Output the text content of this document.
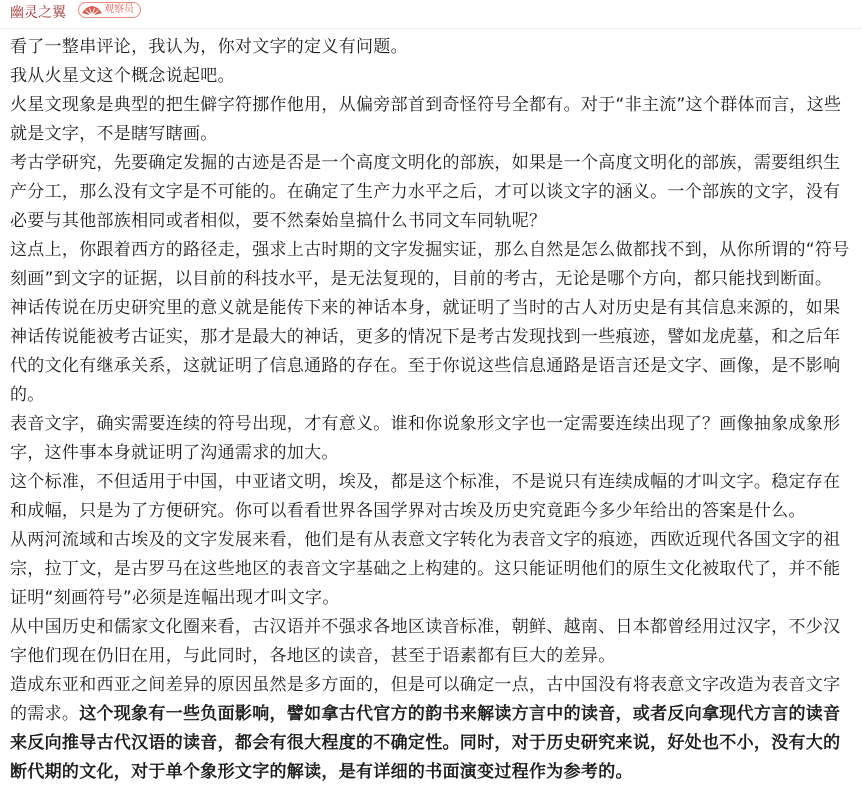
幽灵之翼	观察员

看了一整串评论，我认为，你对文字的定义有问题。

我从火星文这个概念说起吧。

火星文现象是典型的把生僻字符挪作他用，从偏旁部首到奇怪符号全都有。对于“非主流”这个群体而言，这些就是文字，不是瞎写瞎画。

考古学研究，先要确定发掘的古迹是否是一个高度文明化的部族，如果是一个高度文明化的部族，需要组织生产分工，那么没有文字是不可能的。在确定了生产力水平之后，才可以谈文字的涵义。一个部族的文字，没有必要与其他部族相同或者相似，要不然秦始皇搞什么书同文车同轨呢？

这点上，你跟着西方的路径走，强求上古时期的文字发掘实证，那么自然是怎么做都找不到，从你所谓的“符号刻画”到文字的证据，以目前的科技水平，是无法复现的，目前的考古，无论是哪个方向，都只能找到断面。

神话传说在历史研究里的意义就是能传下来的神话本身，就证明了当时的古人对历史是有其信息来源的，如果神话传说能被考古证实，那才是最大的神话，更多的情况下是考古发现找到一些痕迹，譬如龙虎墓，和之后年代的文化有继承关系，这就证明了信息通路的存在。至于你说这些信息通路是语言还是文字、画像，是不影响的。

表音文字，确实需要连续的符号出现，才有意义。谁和你说象形文字也一定需要连续出现了？画像抽象成象形字，这件事本身就证明了沟通需求的加大。

这个标准，不但适用于中国，中亚诸文明，埃及，都是这个标准，不是说只有连续成幅的才叫文字。稳定存在和成幅，只是为了方便研究。你可以看看世界各国学界对古埃及历史究竟距今多少年给出的答案是什么。

从两河流域和古埃及的文字发展来看，他们是有从表意文字转化为表音文字的痕迹，西欧近现代各国文字的祖宗，拉丁文，是古罗马在这些地区的表音文字基础之上构建的。这只能证明他们的原生文化被取代了，并不能证明“刻画符号”必须是连幅出现才叫文字。

从中国历史和儒家文化圈来看，古汉语并不强求各地区读音标准，朝鲜、越南、日本都曾经用过汉字，不少汉字他们现在仍旧在用，与此同时，各地区的读音，甚至于语素都有巨大的差异。

造成东亚和西亚之间差异的原因虽然是多方面的，但是可以确定一点，古中国没有将表意文字改造为表音文字的需求。这个现象有一些负面影响，譬如拿古代官方的韵书来解读方言中的读音，或者反向拿现代方言的读音来反向推导古代汉语的读音，都会有很大程度的不确定性。同时，对于历史研究来说，好处也不小，没有大的断代期的文化，对于单个象形文字的解读，是有详细的书面演变过程作为参考的。
